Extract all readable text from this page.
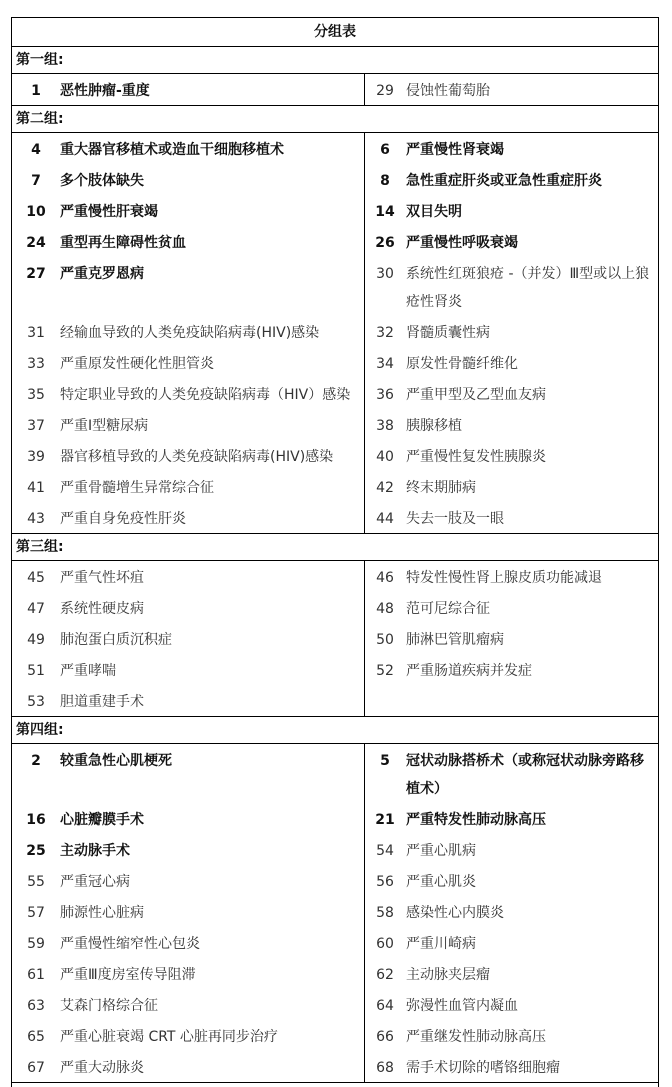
分组表
第一组:
1	恶性肿瘤-重度	29 侵蚀性葡萄胎
第二组:
4	重大器官移植术或造血干细胞移植术	6	严重慢性肾衰竭
7	多个肢体缺失	8	急性重症肝炎或亚急性重症肝炎
10	严重慢性肝衰竭	14 双目失明
24	重型再生障碍性贫血	26 严重慢性呼吸衰竭
27	严重克罗恩病	30 系统性红斑狼疮 -（并发）Ⅲ型或以上狼疮性肾炎
31	经输血导致的人类免疫缺陷病毒(HIV)感染	32 肾髓质囊性病
33	严重原发性硬化性胆管炎	34 原发性骨髓纤维化
35	特定职业导致的人类免疫缺陷病毒（HIV）感染	36 严重甲型及乙型血友病
37	严重Ⅰ型糖尿病	38 胰腺移植
39	器官移植导致的人类免疫缺陷病毒(HIV)感染	40 严重慢性复发性胰腺炎
41	严重骨髓增生异常综合征	42 终末期肺病
43	严重自身免疫性肝炎	44 失去一肢及一眼
第三组:
45	严重气性坏疽	46 特发性慢性肾上腺皮质功能减退
47	系统性硬皮病	48 范可尼综合征
49	肺泡蛋白质沉积症	50 肺淋巴管肌瘤病
51	严重哮喘	52 严重肠道疾病并发症
53	胆道重建手术
第四组:
2	较重急性心肌梗死	5	冠状动脉搭桥术（或称冠状动脉旁路移植术）
16	心脏瓣膜手术	21 严重特发性肺动脉高压
25	主动脉手术	54 严重心肌病
55	严重冠心病	56 严重心肌炎
57	肺源性心脏病	58 感染性心内膜炎
59	严重慢性缩窄性心包炎	60 严重川崎病
61	严重Ⅲ度房室传导阻滞	62 主动脉夹层瘤
63	艾森门格综合征	64 弥漫性血管内凝血
65	严重心脏衰竭 CRT 心脏再同步治疗	66 严重继发性肺动脉高压
67	严重大动脉炎	68 需手术切除的嗜铬细胞瘤
